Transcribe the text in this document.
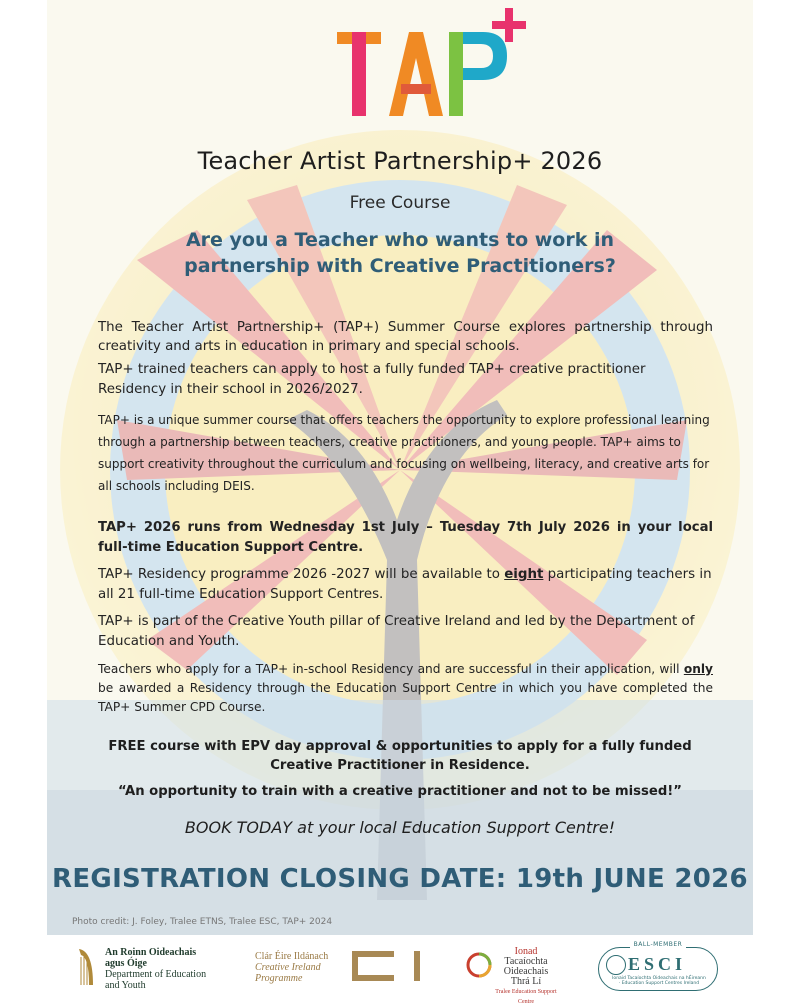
Teacher Artist Partnership+ 2026
Free Course
Are you a Teacher who wants to work in partnership with Creative Practitioners?
The Teacher Artist Partnership+ (TAP+) Summer Course explores partnership through creativity and arts in education in primary and special schools.
TAP+ trained teachers can apply to host a fully funded TAP+ creative practitioner
Residency in their school in 2026/2027.
TAP+ is a unique summer course that offers teachers the opportunity to explore professional learning through a partnership between teachers, creative practitioners, and young people. TAP+ aims to support creativity throughout the curriculum and focusing on wellbeing, literacy, and creative arts for all schools including DEIS.
TAP+ 2026 runs from Wednesday 1st July – Tuesday 7th July 2026 in your local full-time Education Support Centre.
TAP+ Residency programme 2026 -2027 will be available to eight participating teachers in all 21 full-time Education Support Centres.
TAP+ is part of the Creative Youth pillar of Creative Ireland and led by the Department of Education and Youth.
Teachers who apply for a TAP+ in-school Residency and are successful in their application, will only be awarded a Residency through the Education Support Centre in which you have completed the TAP+ Summer CPD Course.
FREE course with EPV day approval & opportunities to apply for a fully funded Creative Practitioner in Residence.
“An opportunity to train with a creative practitioner and not to be missed!”
BOOK TODAY at your local Education Support Centre!
REGISTRATION CLOSING DATE: 19th JUNE 2026
Photo credit: J. Foley, Tralee ETNS, Tralee ESC, TAP+ 2024
An Roinn Oideachais
agus Óige
Department of Education
and Youth
Clár Éire Ildánach
Creative Ireland
Programme
Ionad
Tacaíochta
Oideachais
Thrá Lí
Tralee Education Support Centre
BALL-MEMBER
ESCI
Ionaid Tacaíochta Oideachais na hÉireann · Education Support Centres Ireland
